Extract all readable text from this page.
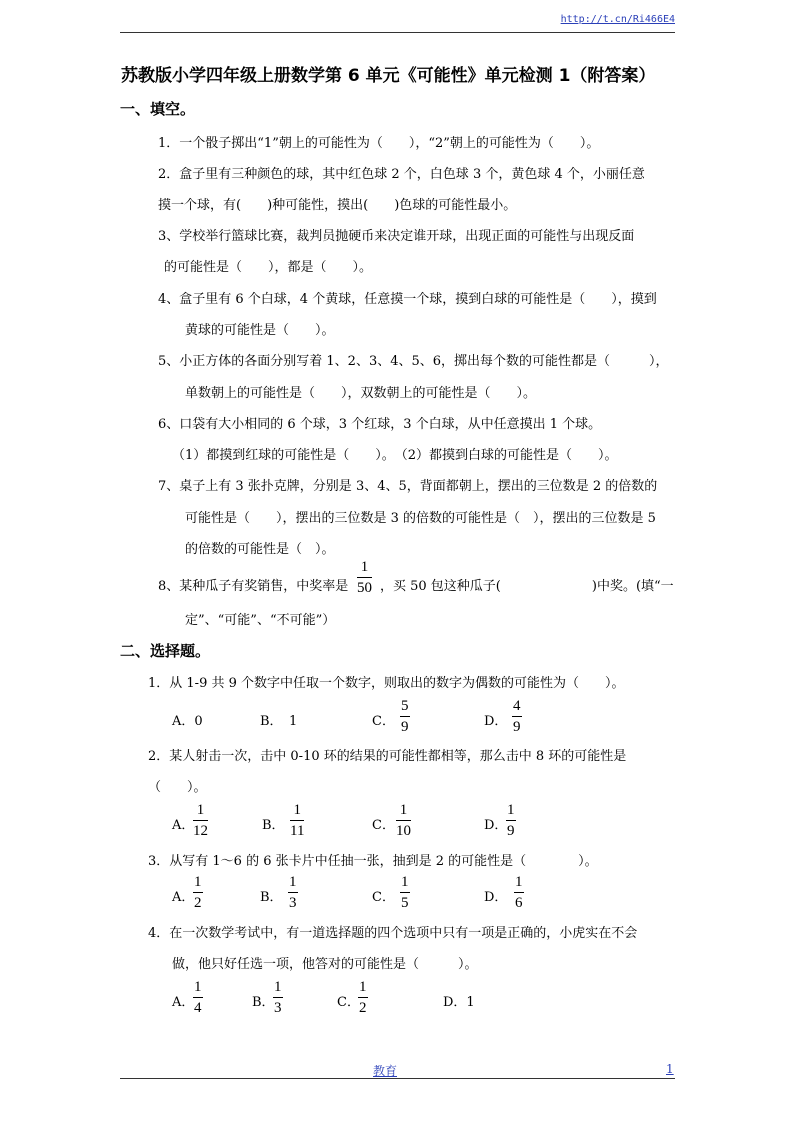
http://t.cn/Ri466E4
苏教版小学四年级上册数学第 6 单元《可能性》单元检测 1（附答案）
一、填空。
1．一个骰子掷出“1”朝上的可能性为（　　），“2”朝上的可能性为（　　）。
2．盒子里有三种颜色的球，其中红色球 2 个，白色球 3 个，黄色球 4 个，小丽任意
摸一个球，有(　　)种可能性，摸出(　　)色球的可能性最小。
3、学校举行篮球比赛，裁判员抛硬币来决定谁开球，出现正面的可能性与出现反面
的可能性是（　　），都是（　　）。
4、盒子里有 6 个白球，4 个黄球，任意摸一个球，摸到白球的可能性是（　　），摸到
黄球的可能性是（　　）。
5、小正方体的各面分别写着 1、2、3、4、5、6，掷出每个数的可能性都是（　　　），
单数朝上的可能性是（　　），双数朝上的可能性是（　　）。
6、口袋有大小相同的 6 个球，3 个红球，3 个白球，从中任意摸出 1 个球。
（1）都摸到红球的可能性是（　　）。　（2）都摸到白球的可能性是（　　）。
7、桌子上有 3 张扑克牌，分别是 3、4、5，背面都朝上，摆出的三位数是 2 的倍数的
可能性是（　　），摆出的三位数是 3 的倍数的可能性是（　），摆出的三位数是 5
的倍数的可能性是（　）。
8、某种瓜子有奖销售，中奖率是 $\frac{1}{50}$ ，买 50 包这种瓜子(　　　　　　　)中奖。(填“一
定”、“可能”、“不可能”）
二、选择题。
1．从 1-9 共 9 个数字中任取一个数字，则取出的数字为偶数的可能性为（　　）。
A．0	B．　1	C． $\frac{5}{9}$	D． $\frac{4}{9}$
2．某人射击一次，击中 0-10 环的结果的可能性都相等，那么击中 8 环的可能性是
（　　）。
A．
$\frac{1}{12}$	B． $\frac{1}{11}$	C． $\frac{1}{10}$	D．
$\frac{1}{9}$
3．从写有 1～6 的 6 张卡片中任抽一张，抽到是 2 的可能性是（　　　　）。
A．
$\frac{1}{2}$	B． $\frac{1}{3}$	C． $\frac{1}{5}$	D． $\frac{1}{6}$
4．在一次数学考试中，有一道选择题的四个选项中只有一项是正确的，小虎实在不会
做，他只好任选一项，他答对的可能性是（　　　）。
A．
$\frac{1}{4}$	B．
$\frac{1}{3}$	C．
$\frac{1}{2}$	D．1
教育	1
